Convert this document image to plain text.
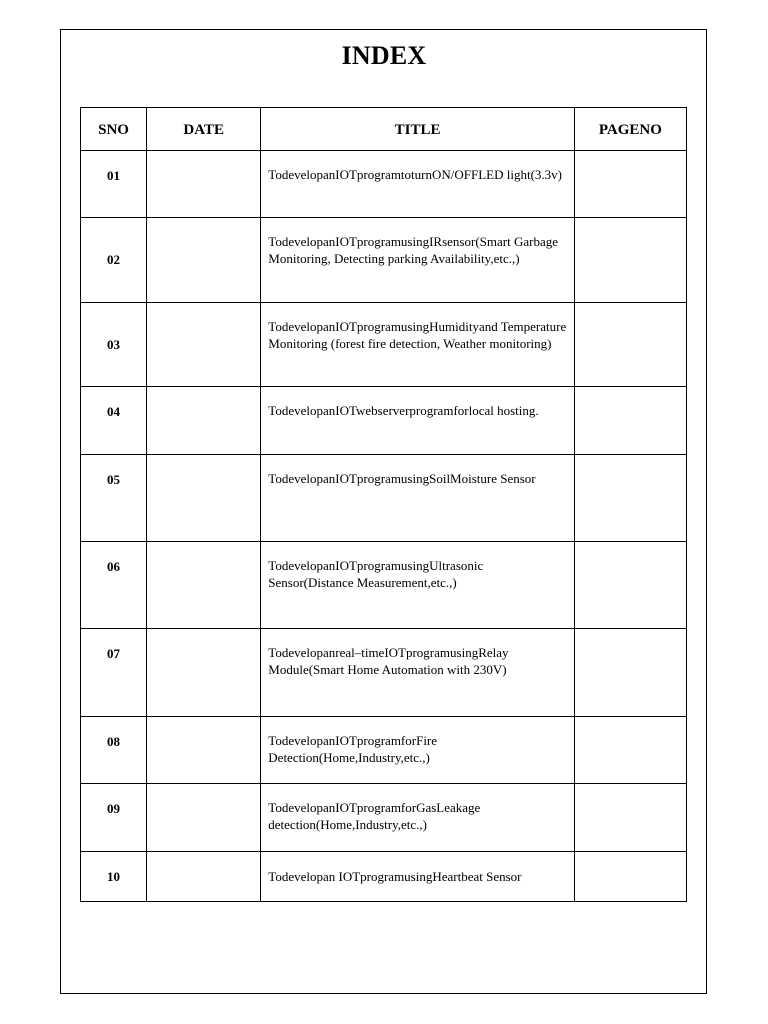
INDEX
SNO	DATE	TITLE	PAGENO

01		TodevelopanIOTprogramtoturnON/OFFLED light(3.3v)	

02		TodevelopanIOTprogramusingIRsensor(Smart Garbage Monitoring, Detecting parking Availability,etc.,)	

03		TodevelopanIOTprogramusingHumidityand Temperature Monitoring (forest fire detection, Weather monitoring)	

04		TodevelopanIOTwebserverprogramforlocal hosting.	

05		TodevelopanIOTprogramusingSoilMoisture Sensor	

06		TodevelopanIOTprogramusingUltrasonic Sensor(Distance Measurement,etc.,)	

07		Todevelopanreal–timeIOTprogramusingRelay Module(Smart Home Automation with 230V)	

08		TodevelopanIOTprogramforFire Detection(Home,Industry,etc.,)	

09		TodevelopanIOTprogramforGasLeakage detection(Home,Industry,etc.,)	

10		Todevelopan IOTprogramusingHeartbeat Sensor	
